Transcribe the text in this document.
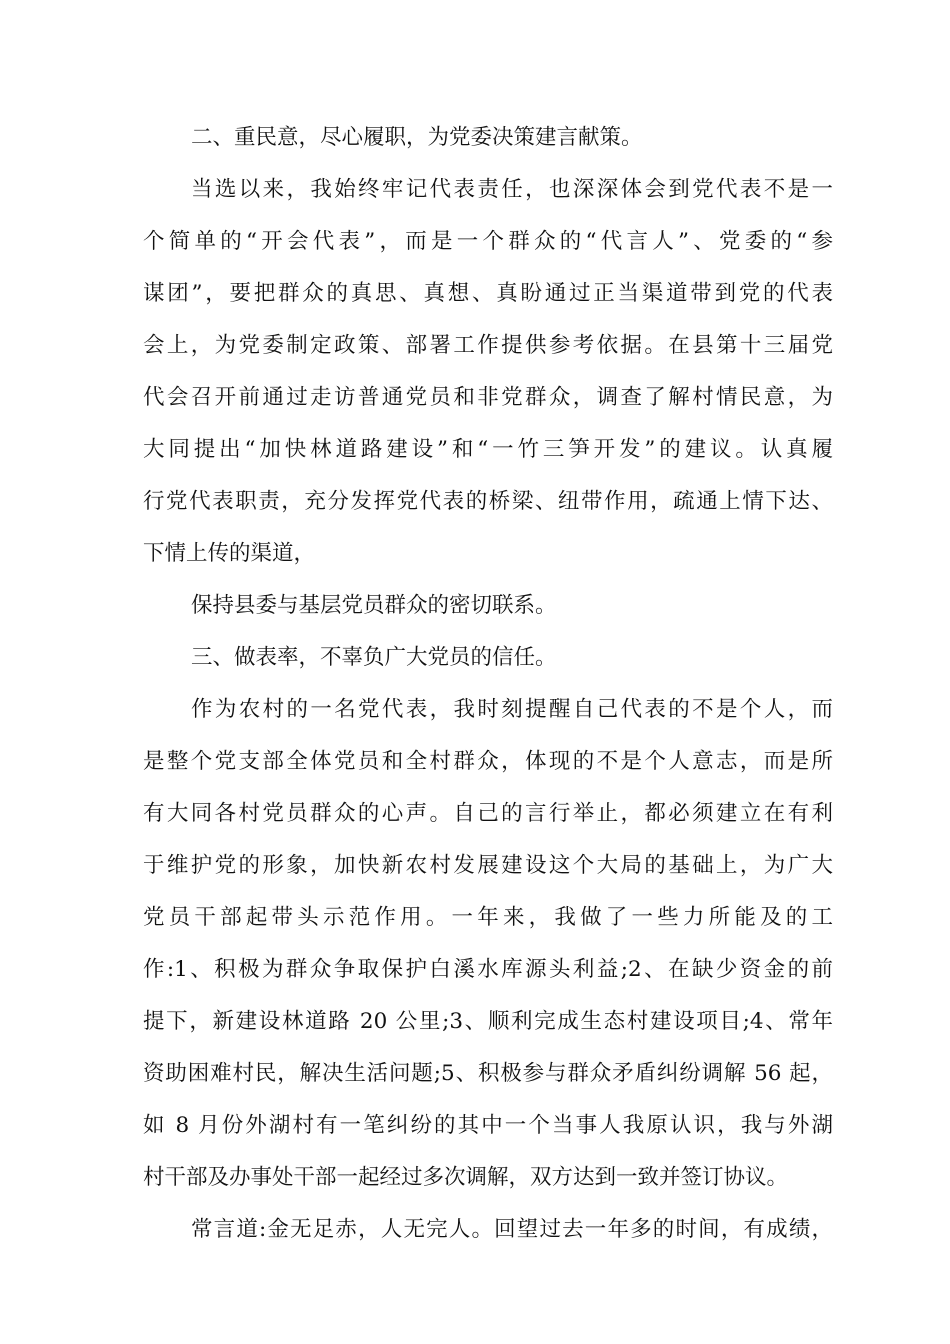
二、重民意，尽心履职，为党委决策建言献策。
当选以来，我始终牢记代表责任，也深深体会到党代表不是一
个简单的“开会代表”，而是一个群众的“代言人”、党委的“参
谋团”，要把群众的真思、真想、真盼通过正当渠道带到党的代表
会上，为党委制定政策、部署工作提供参考依据。在县第十三届党
代会召开前通过走访普通党员和非党群众，调查了解村情民意，为
大同提出“加快林道路建设”和“一竹三笋开发”的建议。认真履
行党代表职责，充分发挥党代表的桥梁、纽带作用，疏通上情下达、
下情上传的渠道，
保持县委与基层党员群众的密切联系。
三、做表率，不辜负广大党员的信任。
作为农村的一名党代表，我时刻提醒自己代表的不是个人，而
是整个党支部全体党员和全村群众，体现的不是个人意志，而是所
有大同各村党员群众的心声。自己的言行举止，都必须建立在有利
于维护党的形象，加快新农村发展建设这个大局的基础上，为广大
党员干部起带头示范作用。一年来，我做了一些力所能及的工
作:1、积极为群众争取保护白溪水库源头利益;2、在缺少资金的前
提下，新建设林道路 20 公里;3、顺利完成生态村建设项目;4、常年
资助困难村民，解决生活问题;5、积极参与群众矛盾纠纷调解 56 起，
如 8 月份外湖村有一笔纠纷的其中一个当事人我原认识，我与外湖
村干部及办事处干部一起经过多次调解，双方达到一致并签订协议。
常言道:金无足赤，人无完人。回望过去一年多的时间，有成绩，
